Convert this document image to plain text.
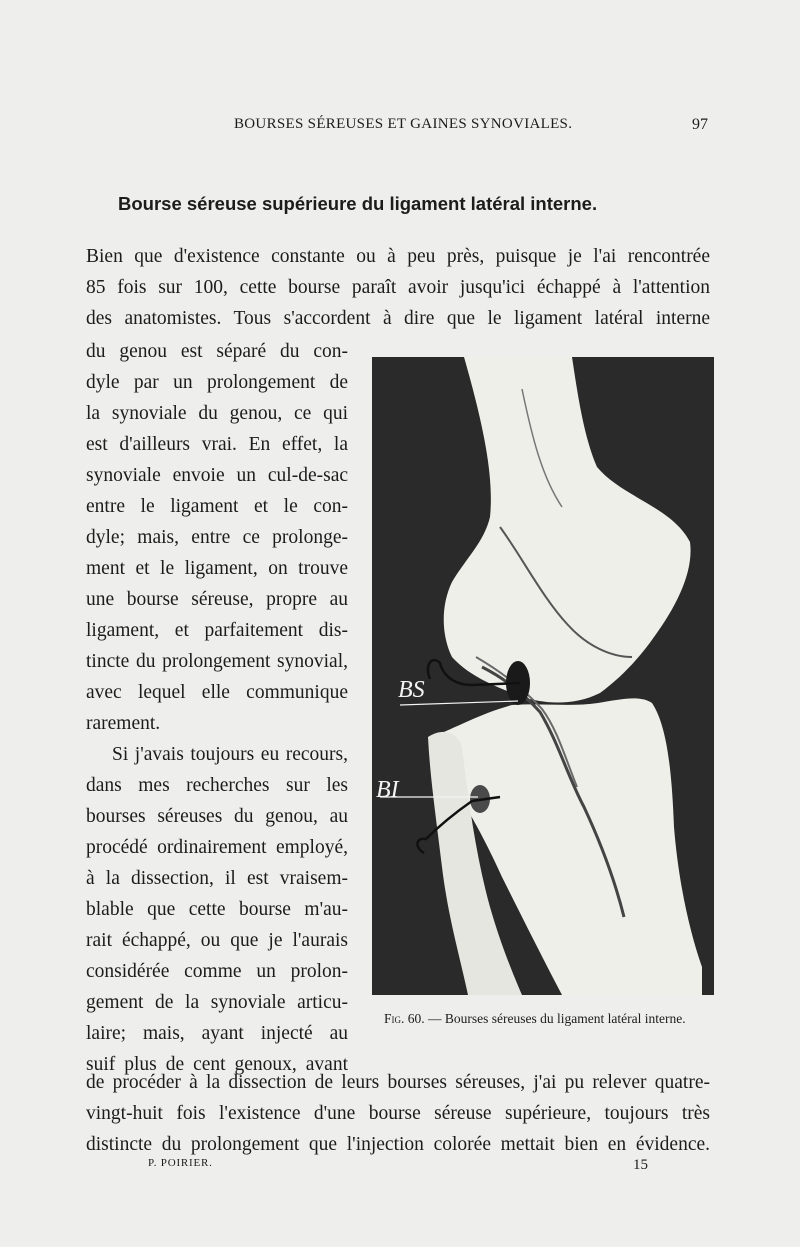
BOURSES SÉREUSES ET GAINES SYNOVIALES.	97
Bourse séreuse supérieure du ligament latéral interne.
Bien que d'existence constante ou à peu près, puisque je l'ai rencontrée
85 fois sur 100, cette bourse paraît avoir jusqu'ici échappé à l'attention
des anatomistes. Tous s'accordent à dire que le ligament latéral interne
du genou est séparé du con-
dyle par un prolongement de
la synoviale du genou, ce qui
est d'ailleurs vrai. En effet, la
synoviale envoie un cul-de-sac
entre le ligament et le con-
dyle; mais, entre ce prolonge-
ment et le ligament, on trouve
une bourse séreuse, propre au
ligament, et parfaitement dis-
tincte du prolongement synovial,
avec lequel elle communique
rarement.
Si j'avais toujours eu recours,
dans mes recherches sur les
bourses séreuses du genou, au
procédé ordinairement employé,
à la dissection, il est vraisem-
blable que cette bourse m'au-
rait échappé, ou que je l'aurais
considérée comme un prolon-
gement de la synoviale articu-
laire; mais, ayant injecté au
suif plus de cent genoux, avant
BS
BI
Fig. 60. — Bourses séreuses du ligament latéral interne.
de procéder à la dissection de leurs bourses séreuses, j'ai pu relever quatre-
vingt-huit fois l'existence d'une bourse séreuse supérieure, toujours très
distincte du prolongement que l'injection colorée mettait bien en évidence.
P. POIRIER.	15
